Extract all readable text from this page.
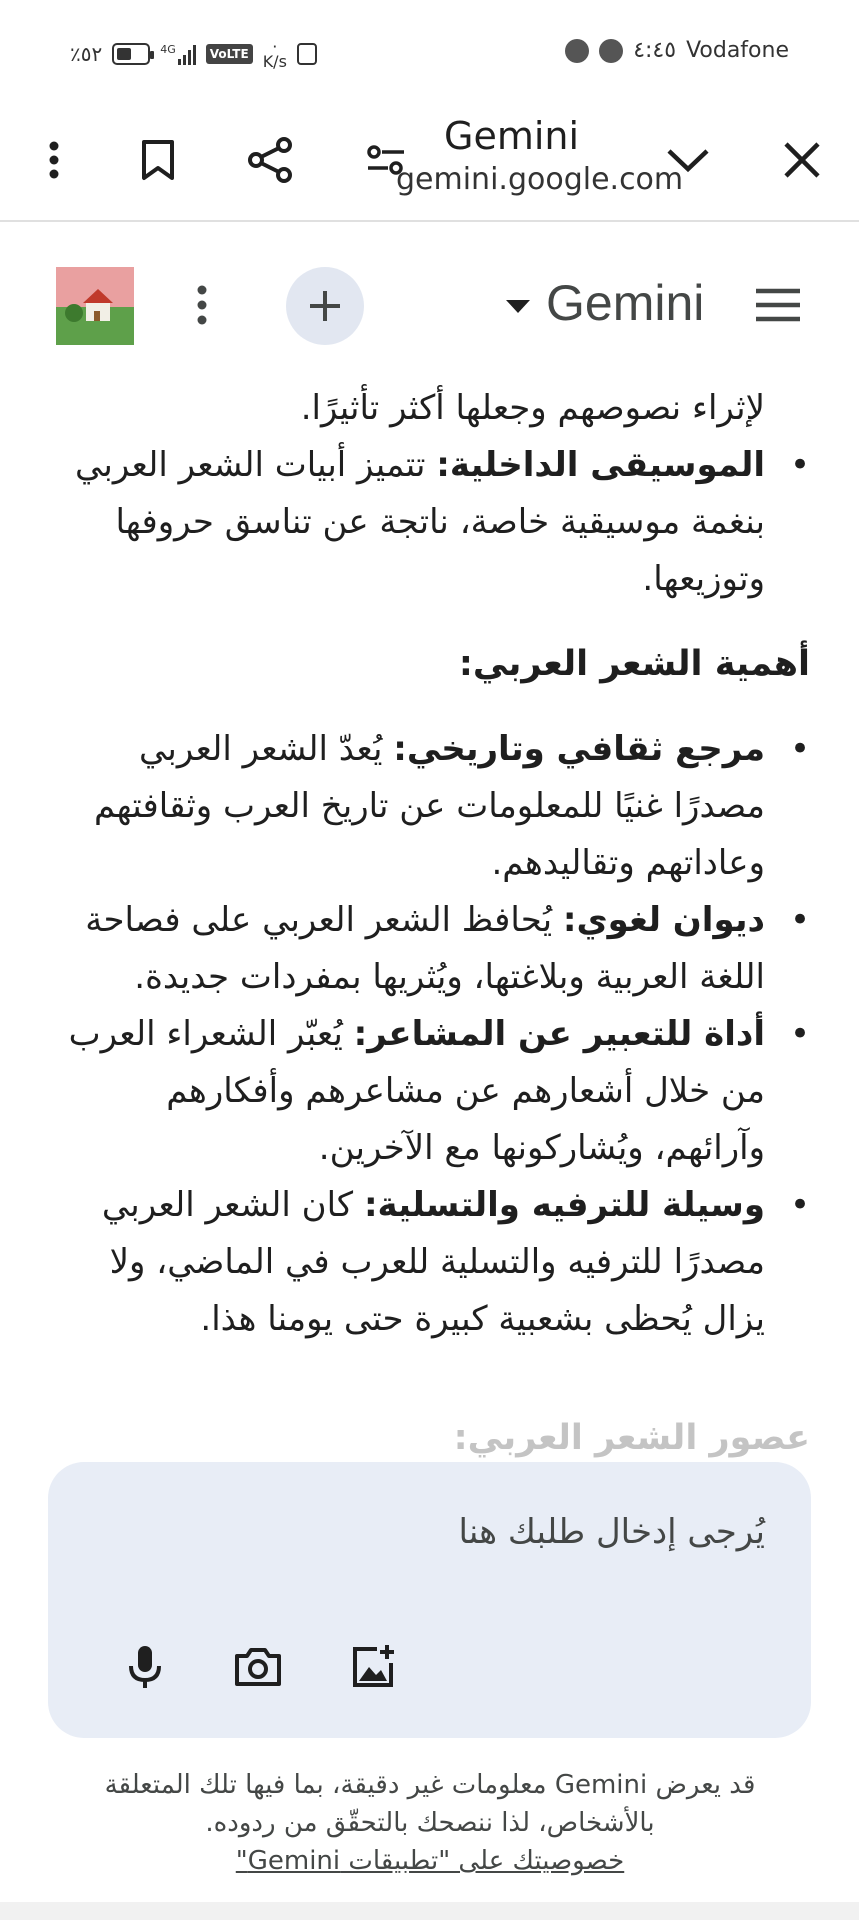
٪٥٢	4G	VoLTE	٠
K/s	٤:٤٥ Vodafone
Gemini
gemini.google.com
Gemini
لإثراء نصوصهم وجعلها أكثر تأثيرًا.
• الموسيقى الداخلية: تتميز أبيات الشعر العربي بنغمة موسيقية خاصة، ناتجة عن تناسق حروفها وتوزيعها.
أهمية الشعر العربي:
• مرجع ثقافي وتاريخي: يُعدّ الشعر العربي مصدرًا غنيًا للمعلومات عن تاريخ العرب وثقافتهم وعاداتهم وتقاليدهم.
• ديوان لغوي: يُحافظ الشعر العربي على فصاحة اللغة العربية وبلاغتها، ويُثريها بمفردات جديدة.
• أداة للتعبير عن المشاعر: يُعبّر الشعراء العرب من خلال أشعارهم عن مشاعرهم وأفكارهم وآرائهم، ويُشاركونها مع الآخرين.
• وسيلة للترفيه والتسلية: كان الشعر العربي مصدرًا للترفيه والتسلية للعرب في الماضي، ولا يزال يُحظى بشعبية كبيرة حتى يومنا هذا.
عصور الشعر العربي:
يُرجى إدخال طلبك هنا
قد يعرض Gemini معلومات غير دقيقة، بما فيها تلك المتعلقة بالأشخاص، لذا ننصحك بالتحقّق من ردوده.
خصوصيتك على "تطبيقات Gemini"
